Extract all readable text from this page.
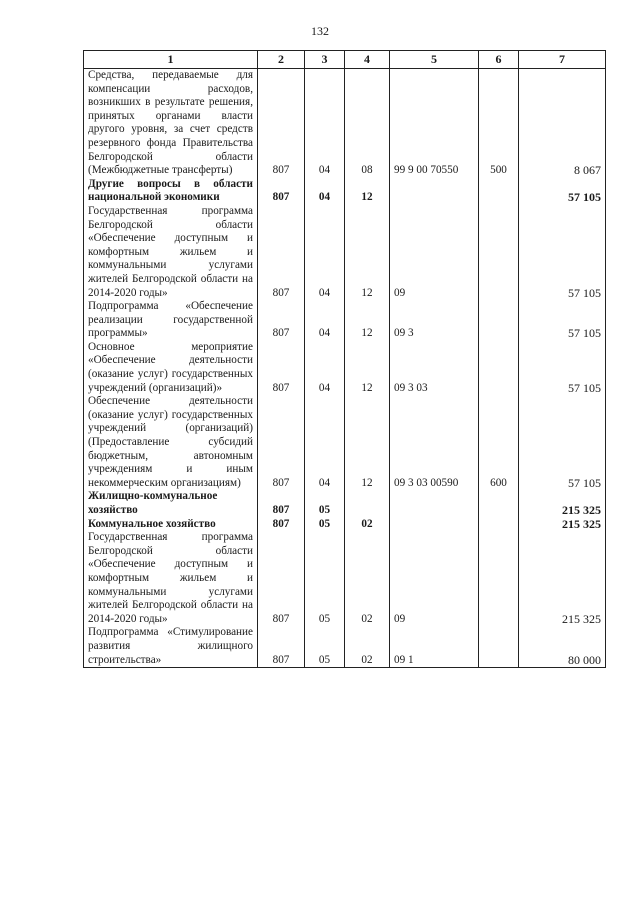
132
1	2	3	4	5	6	7
Средства, передаваемые для компенсации расходов, возникших в результате решения, принятых органами власти другого уровня, за счет средств резервного фонда Правительства Белгородской области (Межбюджетные трансферты)	807	04	08	99 9 00 70550	500	8 067
Другие вопросы в области национальной экономики	807	04	12			57 105
Государственная программа Белгородской области «Обеспечение доступным и комфортным жильем и коммунальными услугами жителей Белгородской области на 2014-2020 годы»	807	04	12	09		57 105
Подпрограмма «Обеспечение реализации государственной программы»	807	04	12	09 3		57 105
Основное мероприятие «Обеспечение деятельности (оказание услуг) государственных учреждений (организаций)»	807	04	12	09 3 03		57 105
Обеспечение деятельности (оказание услуг) государственных учреждений (организаций) (Предоставление субсидий бюджетным, автономным учреждениям и иным некоммерческим организациям)	807	04	12	09 3 03 00590	600	57 105
Жилищно-коммунальное хозяйство	807	05				215 325
Коммунальное хозяйство	807	05	02			215 325
Государственная программа Белгородской области «Обеспечение доступным и комфортным жильем и коммунальными услугами жителей Белгородской области на 2014-2020 годы»	807	05	02	09		215 325
Подпрограмма «Стимулирование развития жилищного строительства»	807	05	02	09 1		80 000
